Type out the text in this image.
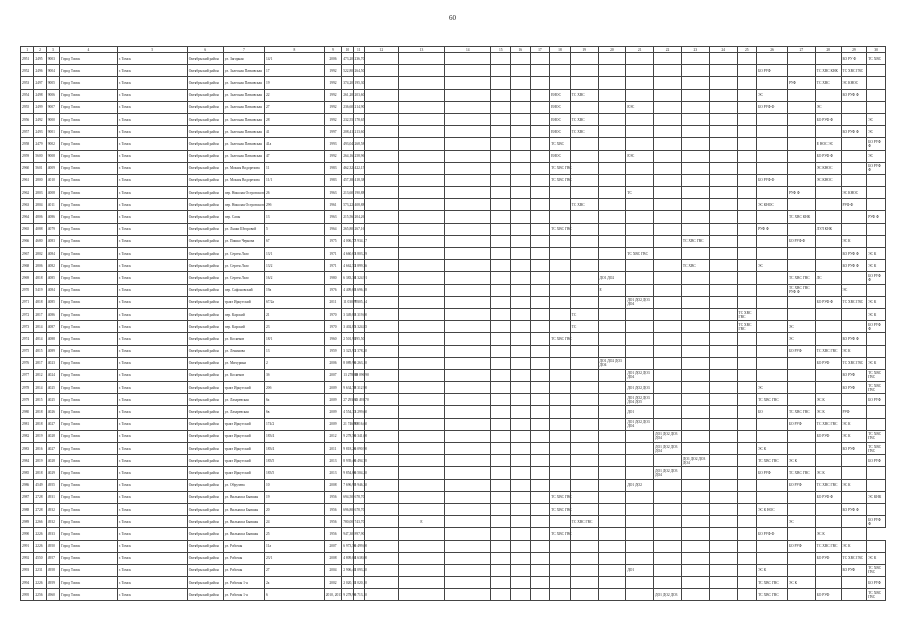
60
1	2	3	4	5	6	7	8	9	10	11	12	13	14	15	16	17	18	19	20	21	22	23	24	25	26	27	28	29	30
2951	2495	9003	Город Томск	г. Томск	Октябрьский район	ул. Загорная	14/1	2006	473,20	236,70																		БО РУ Ф	ТС ХВС
2952	2496	9004	Город Томск	г. Томск	Октябрьский район	ул. Залесная Патковская	17	1992	522,80	264,50															БО РУФ		ТС ХВС КНК	ТС ХВС ГВС	
2953	2497	9005	Город Томск	г. Томск	Октябрьский район	ул. Залесная Патковская	19	1992	374,20	195,30																РУФ	ТС ХВС	ЭС КНОС	
2954	2498	9006	Город Томск	г. Томск	Октябрьский район	ул. Залесная Патковская	22	1992	261,20	203,60							ЕНОС	ТС ХВС							ЭС			БО РУФ Ф	
2955	2499	9007	Город Томск	г. Томск	Октябрьский район	ул. Залесная Патковская	27	1992	236,60	214,90							ЕНОС			ЕЭС					БО РУФ Ф		ЭС		
2956	2492	9000	Город Томск	г. Томск	Октябрьский район	ул. Залесная Патковская	28	1992	232,55	178,65							ЕНОС	ТС ХВС									БО РУФ Ф		ЭС
2957	2493	9001	Город Томск	г. Томск	Октябрьский район	ул. Залесная Патковская	41	1997	208,41	213,60							ЕНОС	ТС ХВС										БО РУФ Ф	ЭС
2958	2479	9002	Город Томск	г. Томск	Октябрьский район	ул. Залесная Патковская	41а	1993	493,04	268,58							ТС ХВС										Е НОС ЭС		БО РУФ Ф
2959	5600	9008	Город Томск	г. Томск	Октябрьский район	ул. Залесная Патковская	47	1992	264,16	258,96							ЕНОС			ЕЭС							БО РУФ Ф		ЭС
2960	5601	4009	Город Томск	г. Томск	Октябрьский район	ул. Мокшя Водорезова	11	1983	462,32	422,15							ТС ХВС ГВС										ЭС КНОС		БО РУФ Ф
2961	2800	4010	Город Томск	г. Томск	Октябрьский район	ул. Мокшя Водорезова	11/1	1983	457,38	418,38							ТС ХВС ГВС								БО РУФ Ф		ЭС КНОС		
2962	2803	4008	Город Томск	г. Томск	Октябрьский район	пер. Николая Островского	26	1963	213,60	190,88										ТС						РУФ Ф		ЭС КНОС	
2963	2804	4011	Город Томск	г. Томск	Октябрьский район	пер. Николая Островского	29б	1961	573,22	408,88								ТС ХВС							ЭС КНОС			РУФ Ф	
2964	4806	4086	Город Томск	г. Томск	Октябрьский район	пер. Сапы	13	1963	215,56	204,26																ТС ХВС КНК			РУФ Ф
2965	4088	4079	Город Томск	г. Томск	Октябрьский район	ул. Лыжи Шторовой	5	1964	265,80	267,16							ТС ХВС ГВС								РУФ Ф		ЛУЛ КНК		
2966	4680	4083	Город Томск	г. Томск	Октябрьский район	ул. Пишко Чернова	67	1975	4 006,77	3 934,17												ТС ХВС ГВС				БО РУФ Ф		ЭС К	
2967	2802	4084	Город Томск	г. Томск	Октябрьский район	ул. Сергея Лазо	13/1	1971	4 660,63	3 803,29										ТС ХВС ГВС								БО РУФ Ф	ЭС К
2968	2806	4082	Город Томск	г. Томск	Октябрьский район	ул. Сергея Лазо	13/2	1971	4 662,53	2 899,36												ТС ХВС			ЭС			БО РУФ Ф	ЭС К
2969	4818	4085	Город Томск	г. Томск	Октябрьский район	ул. Сергея Лазо	16/2	1980	6 383,38	4 324,91									ДО1 ДО2							ТС ХВС ГВС	ЛС		БО РУФ Ф
2970	5419	4084	Город Томск	г. Томск	Октябрьский район	пер. Сафоновский	19а	1976	4 409,60	3 696,18									Е							ТС ХВС ГВС РУФ Ф		ЭС	
2971	4818	4085	Город Томск	г. Томск	Октябрьский район	тракт Иркутский	67/2а	2011	11 030,99	7 305,14										ДО1 ДО2 ДО3 ДО4							БО РУФ Ф	ТС ХВС ГВС	ЭС К
2972	2817	4086	Город Томск	г. Томск	Октябрьский район	пер. Карский	21	1970	3 349,80	3 319,00								ТС						ТС ХВС ГВС					ЭС К
2973	2814	4087	Город Томск	г. Томск	Октябрьский район	пер. Карский	23	1970	3 402,85	3 324,85								ТС						ТС ХВС ГВС		ЭС			БО РУФ Ф
2974	4814	4088	Город Томск	г. Томск	Октябрьский район	ул. Косяеков	18/1	1960	2 501,90	295,50							ТС ХВС ГВС									ЭС		БО РУФ Ф	
2975	4815	4089	Город Томск	г. Томск	Октябрьский район	ул. Ленинова	13	1959	3 323,93	2 378,20																БО РУФ	ТС ХВС ГВС	ЭС К	
2976	2817	4023	Город Томск	г. Томск	Октябрьский район	ул. Мичурина	2	2006	8 089,90	6 263,10									ДО1 ДО2 ДО3 ДО4								БО РУФ	ТС ХВС ГВС	ЭС К
2977	2812	4024	Город Томск	г. Томск	Октябрьский район	ул. Косяеков	3б	2007	13 278,80	10 096,90										ДО1 ДО2 ДО3 ДО4								БО РУФ	ТС ХВС ГВС
2978	2814	4025	Город Томск	г. Томск	Октябрьский район	тракт Иркутский	20б	2009	9 634,70	8 312,90										ДО1 ДО2 ДО3					ЭС			БО РУФ	ТС ХВС ГВС
2979	2815	4025	Город Томск	г. Томск	Октябрьский район	ул. Лазаревская	6а	2009	27 293,60	11 493,70										ДО1 ДО2 ДО3 ДО4 ДО5					ТС ХВС ГВС		ЭС К		БО РУФ
2980	2818	4026	Город Томск	г. Томск	Октябрьский район	ул. Лазаревская	6в	2009	4 554,33	3 299,60										ДО1					БО	ТС ХВС ГВС	ЭС К	РУФ	
2981	2818	4027	Город Томск	г. Томск	Октябрьский район	тракт Иркутский	174/2	2009	21 746,90	8 816,60										ДО1 ДО2 ДО3 ДО4						БО РУФ	ТС ХВС ГВС	ЭС К	
2982	2819	4028	Город Томск	г. Томск	Октябрьский район	тракт Иркутский	183/4	2012	9 278,50	6 341,00											ДО1 ДО2 ДО3 ДО4						БО РУФ	ЭС К	ТС ХВС ГВС
2983	2816	4027	Город Томск	г. Томск	Октябрьский район	тракт Иркутский	183/4	2011	9 818,20	6 090,90											ДО1 ДО2 ДО3 ДО4				ЭС К			БО РУФ	ТС ХВС ГВС
2984	2819	4028	Город Томск	г. Томск	Октябрьский район	тракт Иркутский	183/5	2013	8 939,40	6 494,70												ДО1 ДО2 ДО3 ДО4			ТС ХВС ГВС	ЭС К			БО РУФ
2985	2818	4029	Город Томск	г. Томск	Октябрьский район	тракт Иркутский	183/5	2013	9 854,60	6 504,20											ДО1 ДО2 ДО3 ДО4				БО РУФ	ТС ХВС ГВС	ЭС К		
2986	4549	4955	Город Томск	г. Томск	Октябрьский район	ул. Обручева	10	2008	7 696,90	5 946,30										ДО1 ДО2						БО РУФ	ТС ХВС ГВС	ЭС К	
2987	2728	4931	Город Томск	г. Томск	Октябрьский район	ул. Вильямса Бывшая	19	1956	694,50	678,70							ТС ХВС ГВС										БО РУФ Ф		ЭС КНК
2988	2728	4932	Город Томск	г. Томск	Октябрьский район	ул. Вильямса Бывшая	20	1956	696,80	678,70							ТС ХВС ГВС								ЭС К НОС			БО РУФ Ф	
2989	2266	4932	Город Томск	г. Томск	Октябрьский район	ул. Вильямса Бывшая	24	1956	780,00	743,70		Е						ТС ХВС ГВС								ЭС			БО РУФ Ф
2990	2226	4933	Город Томск	г. Томск	Октябрьский район	ул. Вильямса Бывшая	25	1956	947,30	897,90							ТС ХВС ГВС								БО РУФ Ф		ЭС К		
2991	2226	4950	Город Томск	г. Томск	Октябрьский район	ул. Рабочая	11а	2007	6 973,50	6 499,00																БО РУФ	ТС ХВС ГВС	ЭС К	
2992	4550	4957	Город Томск	г. Томск	Октябрьский район	ул. Рабочая	23/1	2008	4 809,00	4 638,00																	БО РУФ	ТС ХВС ГВС	ЭС К
2993	2231	4958	Город Томск	г. Томск	Октябрьский район	ул. Рабочая	27	2004	2 906,40	2 093,20										ДО1					ЭС К			БО РУФ	ТС ХВС ГВС
2994	2226	4959	Город Томск	г. Томск	Октябрьский район	ул. Рабочая 1-я	2а	2002	2 020,10	2 020,10															ТС ХВС ГВС	ЭС К			БО РУФ
2995	2256	4960	Город Томск	г. Томск	Октябрьский район	ул. Рабочая 1-я	6	2010, 2013	9 278,90	6 713,10											ДО1 ДО2 ДО3				ТС ХВС ГВС		БО РУФ		ТС ХВС ГВС
